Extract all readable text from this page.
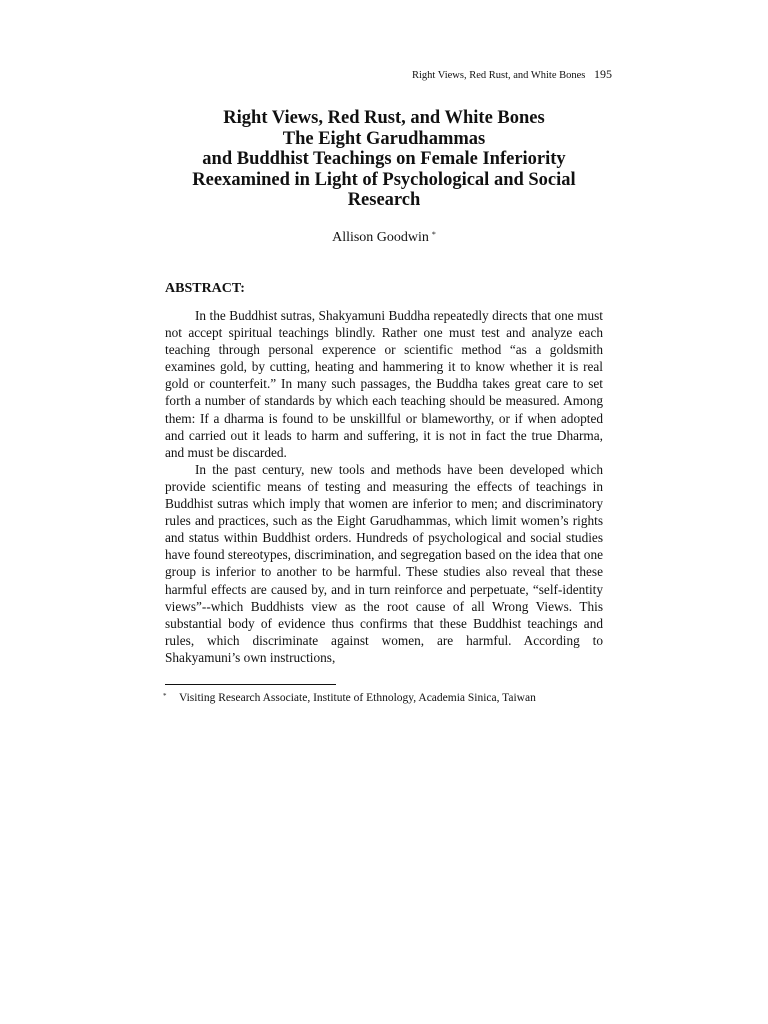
Right Views, Red Rust, and White Bones 195
Right Views, Red Rust, and White Bones
The Eight Garudhammas
and Buddhist Teachings on Female Inferiority
Reexamined in Light of Psychological and Social
Research
Allison Goodwin *
ABSTRACT:

In the Buddhist sutras, Shakyamuni Buddha repeatedly directs that one must not accept spiritual teachings blindly. Rather one must test and analyze each teaching through personal experence or scientific method “as a goldsmith examines gold, by cutting, heating and hammering it to know whether it is real gold or counterfeit.” In many such passages, the Buddha takes great care to set forth a number of standards by which each teaching should be measured. Among them: If a dharma is found to be unskillful or blameworthy, or if when adopted and carried out it leads to harm and suffering, it is not in fact the true Dharma, and must be discarded.

In the past century, new tools and methods have been developed which provide scientific means of testing and measuring the effects of teachings in Buddhist sutras which imply that women are inferior to men; and discriminatory rules and practices, such as the Eight Garudhammas, which limit women’s rights and status within Buddhist orders. Hundreds of psychological and social studies have found stereotypes, discrimination, and segregation based on the idea that one group is inferior to another to be harmful. These studies also reveal that these harmful effects are caused by, and in turn reinforce and perpetuate, “self-identity views”--which Buddhists view as the root cause of all Wrong Views. This substantial body of evidence thus confirms that these Buddhist teachings and rules, which discriminate against women, are harmful. According to Shakyamuni’s own instructions,

* Visiting Research Associate, Institute of Ethnology, Academia Sinica, Taiwan
